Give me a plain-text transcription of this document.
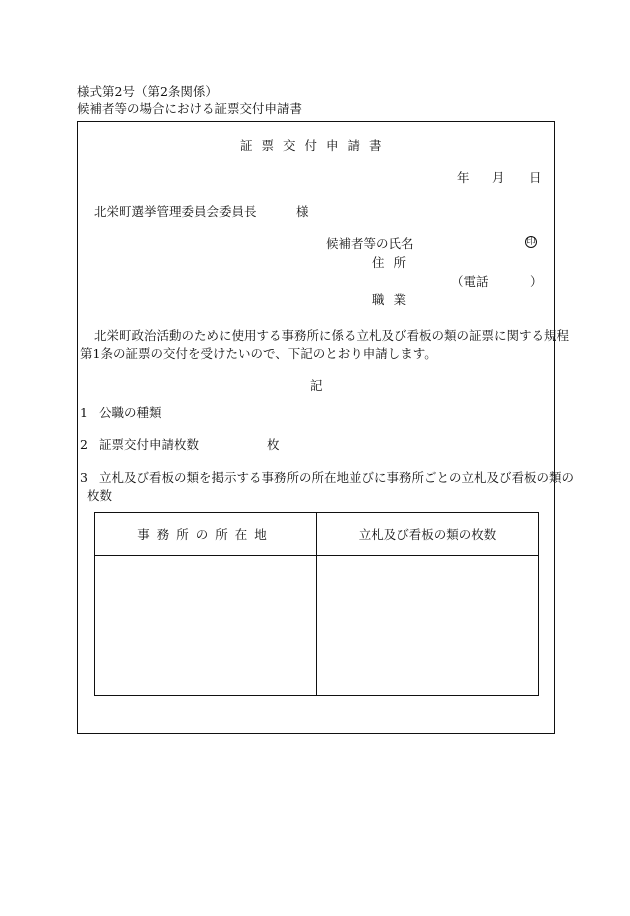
様式第2号（第2条関係）
候補者等の場合における証票交付申請書
証票交付申請書
年 月 日
北栄町選挙管理委員会委員長	様
候補者等の氏名	印
住所
（電話	）
職業
北栄町政治活動のために使用する事務所に係る立札及び看板の類の証票に関する規程
第1条の証票の交付を受けたいので、下記のとおり申請します。
記
1 公職の種類
2 証票交付申請枚数	枚
3 立札及び看板の類を掲示する事務所の所在地並びに事務所ごとの立札及び看板の類の
枚数
事務所の所在地	立札及び看板の類の枚数
